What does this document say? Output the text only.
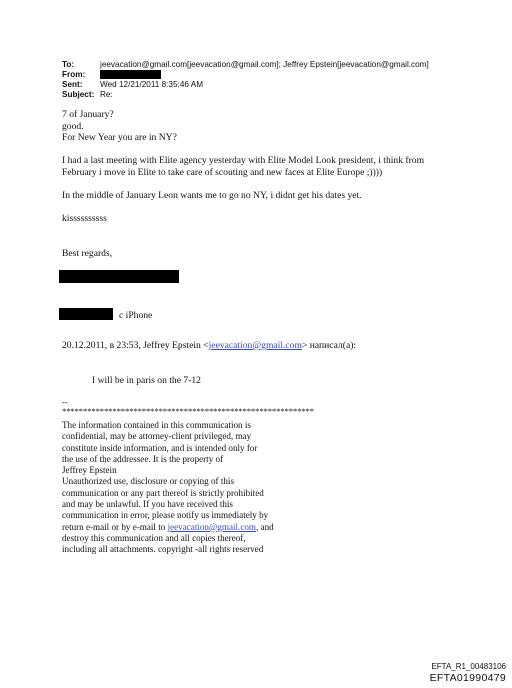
To:	jeevacation@gmail.com[jeevacation@gmail.com]; Jeffrey Epstein[jeevacation@gmail.com]
From:
Sent: Wed 12/21/2011 8:35:46 AM
Subject: Re:
7 of January?
good.
For New Year you are in NY?
I had a last meeting with Elite agency yesterday with Elite Model Look president, i think from
February i move in Elite to take care of scouting and new faces at Elite Europe ;))))
In the middle of January Leon wants me to go no NY, i didnt get his dates yet.
kissssssssss
Best regards,
с iPhone
20.12.2011, в 23:53, Jeffrey Epstein <jeevacation@gmail.com> написал(а):
I will be in paris on the 7-12
--
************************************************************
The information contained in this communication is
confidential, may be attorney-client privileged, may
constitute inside information, and is intended only for
the use of the addressee. It is the property of
Jeffrey Epstein
Unauthorized use, disclosure or copying of this
communication or any part thereof is strictly prohibited
and may be unlawful. If you have received this
communication in error, please notify us immediately by
return e-mail or by e-mail to jeevacation@gmail.com, and
destroy this communication and all copies thereof,
including all attachments. copyright -all rights reserved
EFTA_R1_00483106
EFTA01990479
